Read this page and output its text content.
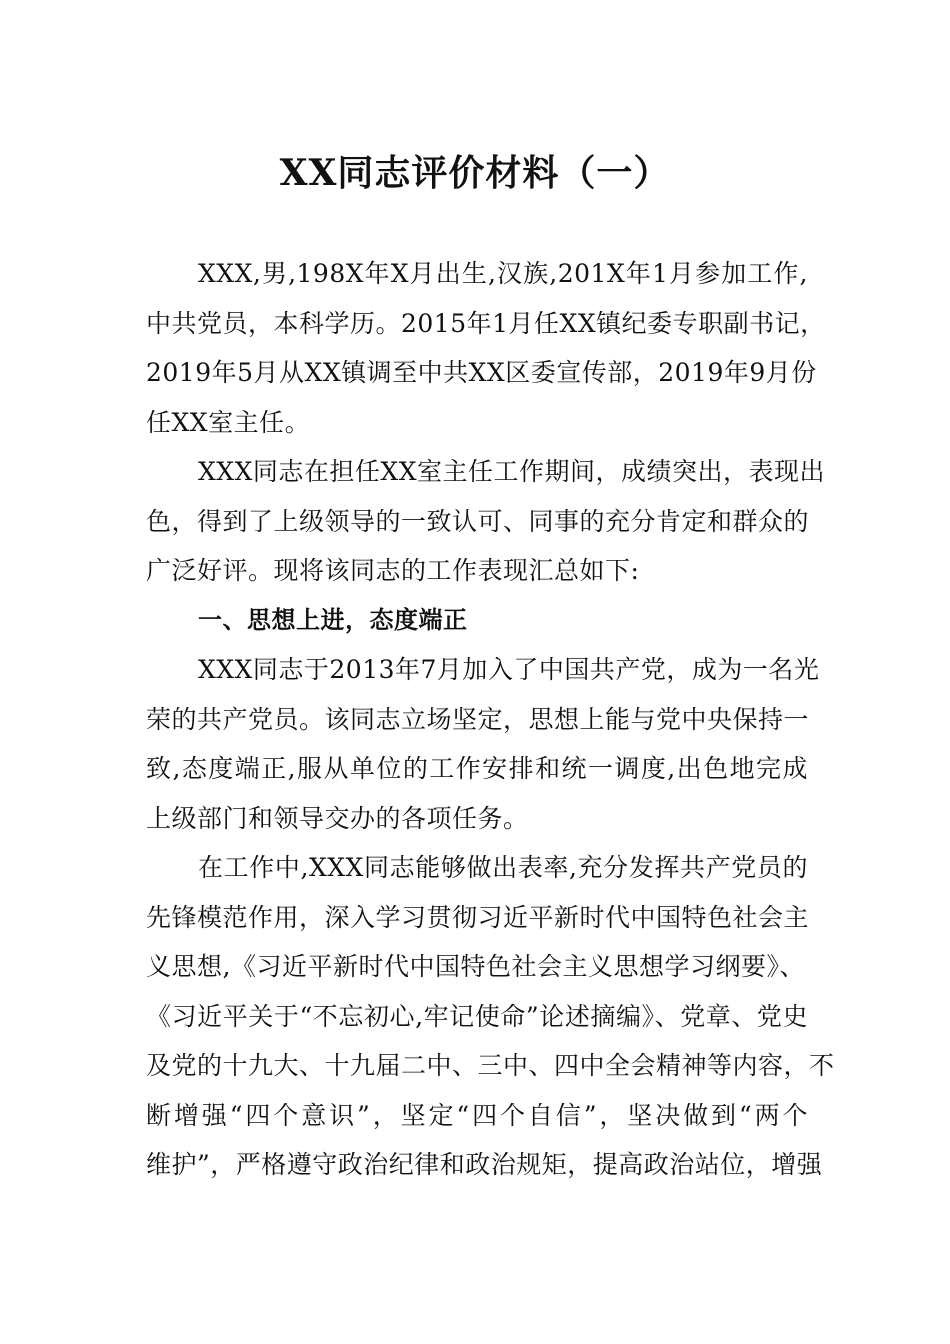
XX同志评价材料（一）
XXX,男,198X年X月出生,汉族,201X年1月参加工作,
中共党员，本科学历。2015年1月任XX镇纪委专职副书记，
2019年5月从XX镇调至中共XX区委宣传部，2019年9月份
任XX室主任。
XXX同志在担任XX室主任工作期间，成绩突出，表现出
色，得到了上级领导的一致认可、同事的充分肯定和群众的
广泛好评。现将该同志的工作表现汇总如下:
一、思想上进，态度端正
XXX同志于2013年7月加入了中国共产党，成为一名光
荣的共产党员。该同志立场坚定，思想上能与党中央保持一
致,态度端正,服从单位的工作安排和统一调度,出色地完成
上级部门和领导交办的各项任务。
在工作中,XXX同志能够做出表率,充分发挥共产党员的
先锋模范作用，深入学习贯彻习近平新时代中国特色社会主
义思想,《习近平新时代中国特色社会主义思想学习纲要》、
《习近平关于“不忘初心,牢记使命”论述摘编》、党章、党史
及党的十九大、十九届二中、三中、四中全会精神等内容，不
断增强“四个意识”，坚定“四个自信”，坚决做到“两个
维护”，严格遵守政治纪律和政治规矩，提高政治站位，增强
